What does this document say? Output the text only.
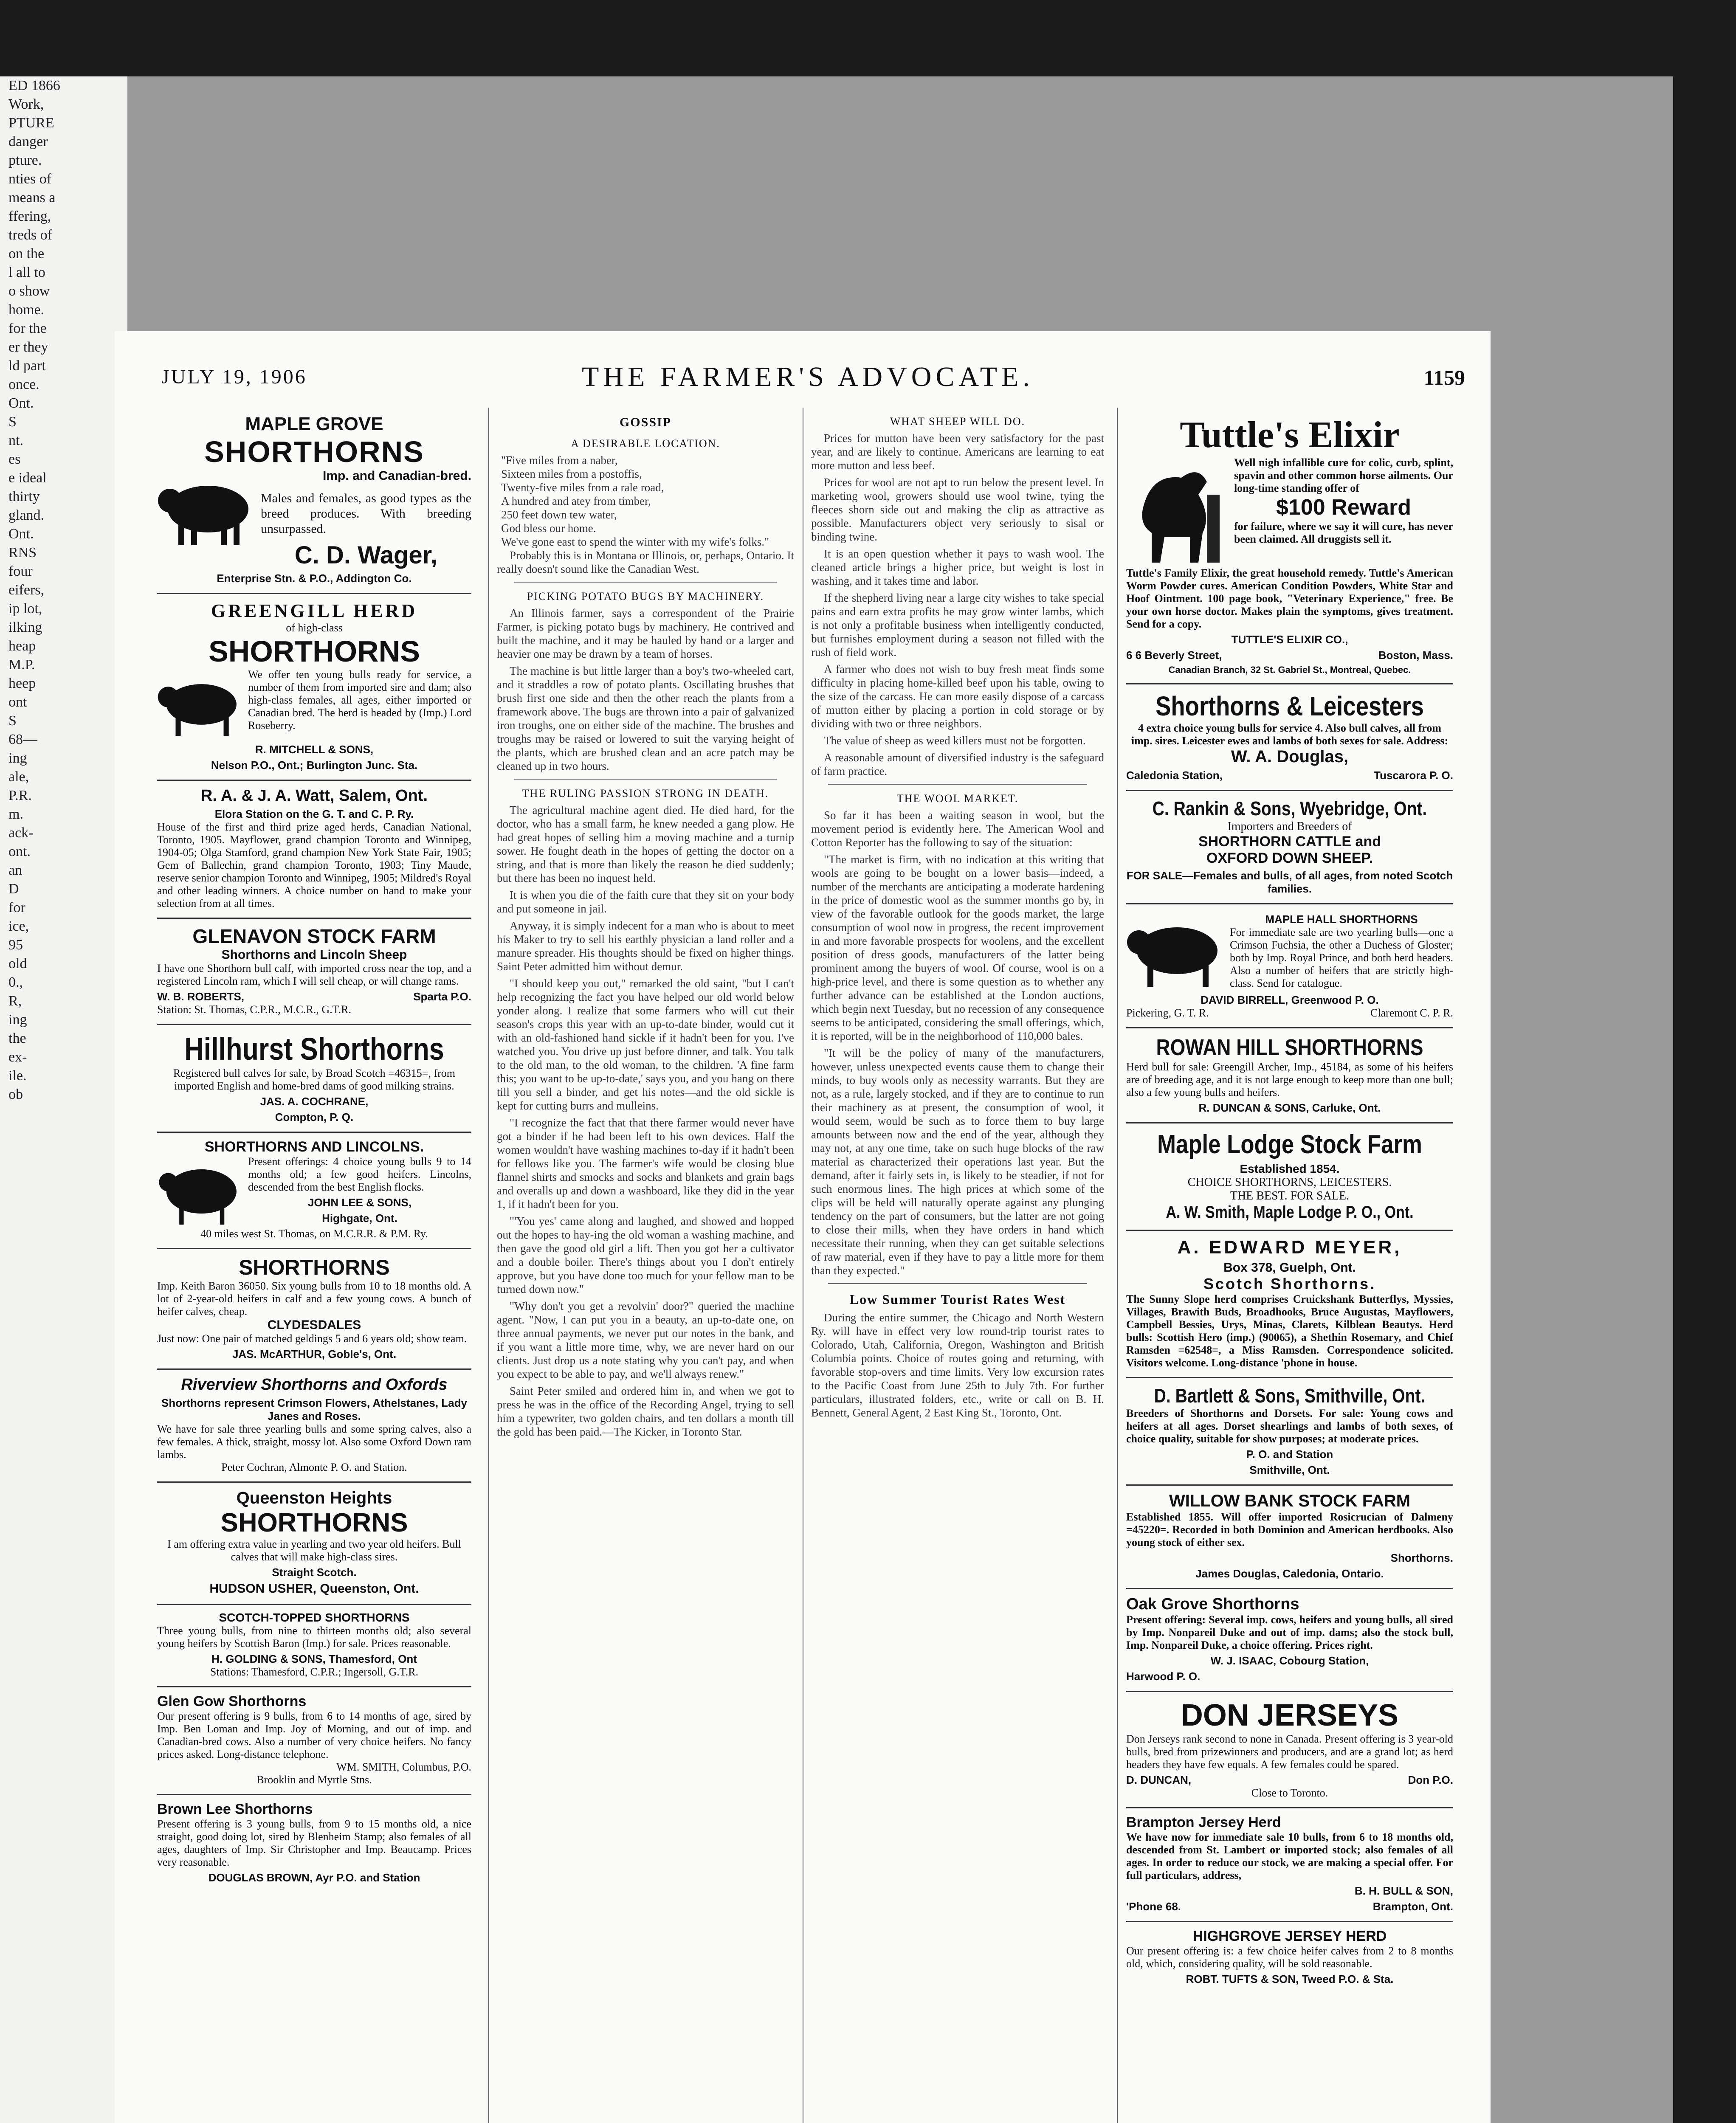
ED 1866
Work,
PTURE
danger
pture.
nties of
means a
ffering,
treds of
on the
l all to
o show
home.
for the
er they
ld part
once.
Ont.
S
nt.
es
e ideal
thirty
gland.
Ont.
RNS
four
eifers,
ip lot,
ilking
heap
M.P.
heep
ont
S
68—
ing
ale,
P.R.
m.
ack-
ont.
an
D
for
ice,
95
old
0.,
R,
ing
the
ex-
ile.
ob
JULY 19, 1906	THE FARMER'S ADVOCATE.	1159
MAPLE GROVE
SHORTHORNS
Imp. and Canadian-bred.
Males and females, as good types as the breed produces. With breeding unsurpassed.
C. D. Wager,
Enterprise Stn. & P.O., Addington Co.
GREENGILL HERD
of high-class
SHORTHORNS
We offer ten young bulls ready for service, a number of them from imported sire and dam; also high-class females, all ages, either imported or Canadian bred. The herd is headed by (Imp.) Lord Roseberry.
R. MITCHELL & SONS,
Nelson P.O., Ont.; Burlington Junc. Sta.
R. A. & J. A. Watt, Salem, Ont.
Elora Station on the G. T. and C. P. Ry.
House of the first and third prize aged herds, Canadian National, Toronto, 1905. Mayflower, grand champion Toronto and Winnipeg, 1904-05; Olga Stamford, grand champion New York State Fair, 1905; Gem of Ballechin, grand champion Toronto, 1903; Tiny Maude, reserve senior champion Toronto and Winnipeg, 1905; Mildred's Royal and other leading winners. A choice number on hand to make your selection from at all times.
GLENAVON STOCK FARM
Shorthorns and Lincoln Sheep
I have one Shorthorn bull calf, with imported cross near the top, and a registered Lincoln ram, which I will sell cheap, or will change rams.
W. B. ROBERTS,	Sparta P.O.
Station: St. Thomas, C.P.R., M.C.R., G.T.R.
Hillhurst Shorthorns
Registered bull calves for sale, by Broad Scotch =46315=, from imported English and home-bred dams of good milking strains.
JAS. A. COCHRANE,
Compton, P. Q.
SHORTHORNS AND LINCOLNS.
Present offerings: 4 choice young bulls 9 to 14 months old; a few good heifers. Lincolns, descended from the best English flocks.
JOHN LEE & SONS,
Highgate, Ont.
40 miles west St. Thomas, on M.C.R.R. & P.M. Ry.
SHORTHORNS
Imp. Keith Baron 36050. Six young bulls from 10 to 18 months old. A lot of 2-year-old heifers in calf and a few young cows. A bunch of heifer calves, cheap.
CLYDESDALES
Just now: One pair of matched geldings 5 and 6 years old; show team.
JAS. McARTHUR, Goble's, Ont.
Riverview Shorthorns and Oxfords
Shorthorns represent Crimson Flowers, Athelstanes, Lady Janes and Roses.
We have for sale three yearling bulls and some spring calves, also a few females. A thick, straight, mossy lot. Also some Oxford Down ram lambs.
Peter Cochran, Almonte P. O. and Station.
Queenston Heights
SHORTHORNS
I am offering extra value in yearling and two year old heifers. Bull calves that will make high-class sires.
Straight Scotch.
HUDSON USHER, Queenston, Ont.
SCOTCH-TOPPED SHORTHORNS
Three young bulls, from nine to thirteen months old; also several young heifers by Scottish Baron (Imp.) for sale. Prices reasonable.
H. GOLDING & SONS, Thamesford, Ont
Stations: Thamesford, C.P.R.; Ingersoll, G.T.R.
Glen Gow Shorthorns
Our present offering is 9 bulls, from 6 to 14 months of age, sired by Imp. Ben Loman and Imp. Joy of Morning, and out of imp. and Canadian-bred cows. Also a number of very choice heifers. No fancy prices asked. Long-distance telephone.
WM. SMITH, Columbus, P.O.
Brooklin and Myrtle Stns.
Brown Lee Shorthorns
Present offering is 3 young bulls, from 9 to 15 months old, a nice straight, good doing lot, sired by Blenheim Stamp; also females of all ages, daughters of Imp. Sir Christopher and Imp. Beaucamp. Prices very reasonable.
DOUGLAS BROWN, Ayr P.O. and Station
GOSSIP
A DESIRABLE LOCATION.
"Five miles from a naber,
Sixteen miles from a postoffis,
Twenty-five miles from a rale road,
A hundred and atey from timber,
250 feet down tew water,
God bless our home.
We've gone east to spend the winter with my wife's folks."

Probably this is in Montana or Illinois, or, perhaps, Ontario. It really doesn't sound like the Canadian West.

PICKING POTATO BUGS BY MACHINERY.

An Illinois farmer, says a correspondent of the Prairie Farmer, is picking potato bugs by machinery. He contrived and built the machine, and it may be hauled by hand or a larger and heavier one may be drawn by a team of horses.

The machine is but little larger than a boy's two-wheeled cart, and it straddles a row of potato plants. Oscillating brushes that brush first one side and then the other reach the plants from a framework above. The bugs are thrown into a pair of galvanized iron troughs, one on either side of the machine. The brushes and troughs may be raised or lowered to suit the varying height of the plants, which are brushed clean and an acre patch may be cleaned up in two hours.

THE RULING PASSION STRONG IN DEATH.

The agricultural machine agent died. He died hard, for the doctor, who has a small farm, he knew needed a gang plow. He had great hopes of selling him a moving machine and a turnip sower. He fought death in the hopes of getting the doctor on a string, and that is more than likely the reason he died suddenly; but there has been no inquest held.

It is when you die of the faith cure that they sit on your body and put someone in jail.

Anyway, it is simply indecent for a man who is about to meet his Maker to try to sell his earthly physician a land roller and a manure spreader. His thoughts should be fixed on higher things. Saint Peter admitted him without demur.

"I should keep you out," remarked the old saint, "but I can't help recognizing the fact you have helped our old world below yonder along. I realize that some farmers who will cut their season's crops this year with an up-to-date binder, would cut it with an old-fashioned hand sickle if it hadn't been for you. I've watched you. You drive up just before dinner, and talk. You talk to the old man, to the old woman, to the children. 'A fine farm this; you want to be up-to-date,' says you, and you hang on there till you sell a binder, and get his notes—and the old sickle is kept for cutting burrs and mulleins.

"I recognize the fact that that there farmer would never have got a binder if he had been left to his own devices. Half the women wouldn't have washing machines to-day if it hadn't been for fellows like you. The farmer's wife would be closing blue flannel shirts and smocks and socks and blankets and grain bags and overalls up and down a washboard, like they did in the year 1, if it hadn't been for you.

"'You yes' came along and laughed, and showed and hopped out the hopes to hay-ing the old woman a washing machine, and then gave the good old girl a lift. Then you got her a cultivator and a double boiler. There's things about you I don't entirely approve, but you have done too much for your fellow man to be turned down now."

"Why don't you get a revolvin' door?" queried the machine agent. "Now, I can put you in a beauty, an up-to-date one, on three annual payments, we never put our notes in the bank, and if you want a little more time, why, we are never hard on our clients. Just drop us a note stating why you can't pay, and when you expect to be able to pay, and we'll always renew."

Saint Peter smiled and ordered him in, and when we got to press he was in the office of the Recording Angel, trying to sell him a typewriter, two golden chairs, and ten dollars a month till the gold has been paid.—The Kicker, in Toronto Star.

WHAT SHEEP WILL DO.

Prices for mutton have been very satisfactory for the past year, and are likely to continue. Americans are learning to eat more mutton and less beef.

Prices for wool are not apt to run below the present level. In marketing wool, growers should use wool twine, tying the fleeces shorn side out and making the clip as attractive as possible. Manufacturers object very seriously to sisal or binding twine.

It is an open question whether it pays to wash wool. The cleaned article brings a higher price, but weight is lost in washing, and it takes time and labor.

If the shepherd living near a large city wishes to take special pains and earn extra profits he may grow winter lambs, which is not only a profitable business when intelligently conducted, but furnishes employment during a season not filled with the rush of field work.

A farmer who does not wish to buy fresh meat finds some difficulty in placing home-killed beef upon his table, owing to the size of the carcass. He can more easily dispose of a carcass of mutton either by placing a portion in cold storage or by dividing with two or three neighbors.

The value of sheep as weed killers must not be forgotten.

A reasonable amount of diversified industry is the safeguard of farm practice.

THE WOOL MARKET.

So far it has been a waiting season in wool, but the movement period is evidently here. The American Wool and Cotton Reporter has the following to say of the situation:

"The market is firm, with no indication at this writing that wools are going to be bought on a lower basis—indeed, a number of the merchants are anticipating a moderate hardening in the price of domestic wool as the summer months go by, in view of the favorable outlook for the goods market, the large consumption of wool now in progress, the recent improvement in and more favorable prospects for woolens, and the excellent position of dress goods, manufacturers of the latter being prominent among the buyers of wool. Of course, wool is on a high-price level, and there is some question as to whether any further advance can be established at the London auctions, which begin next Tuesday, but no recession of any consequence seems to be anticipated, considering the small offerings, which, it is reported, will be in the neighborhood of 110,000 bales.

"It will be the policy of many of the manufacturers, however, unless unexpected events cause them to change their minds, to buy wools only as necessity warrants. But they are not, as a rule, largely stocked, and if they are to continue to run their machinery as at present, the consumption of wool, it would seem, would be such as to force them to buy large amounts between now and the end of the year, although they may not, at any one time, take on such huge blocks of the raw material as characterized their operations last year. But the demand, after it fairly sets in, is likely to be steadier, if not for such enormous lines. The high prices at which some of the clips will be held will naturally operate against any plunging tendency on the part of consumers, but the latter are not going to close their mills, when they have orders in hand which necessitate their running, when they can get suitable selections of raw material, even if they have to pay a little more for them than they expected."

Low Summer Tourist Rates West

During the entire summer, the Chicago and North Western Ry. will have in effect very low round-trip tourist rates to Colorado, Utah, California, Oregon, Washington and British Columbia points. Choice of routes going and returning, with favorable stop-overs and time limits. Very low excursion rates to the Pacific Coast from June 25th to July 7th. For further particulars, illustrated folders, etc., write or call on B. H. Bennett, General Agent, 2 East King St., Toronto, Ont.

Tuttle's Elixir
Well nigh infallible cure for colic, curb, splint, spavin and other common horse ailments. Our long-time standing offer of
$100 Reward
for failure, where we say it will cure, has never been claimed. All druggists sell it.
Tuttle's Family Elixir, the great household remedy. Tuttle's American Worm Powder cures. American Condition Powders, White Star and Hoof Ointment. 100 page book, "Veterinary Experience," free. Be your own horse doctor. Makes plain the symptoms, gives treatment. Send for a copy.
TUTTLE'S ELIXIR CO.,
6 6 Beverly Street,	Boston, Mass.
Canadian Branch, 32 St. Gabriel St., Montreal, Quebec.
Shorthorns & Leicesters
4 extra choice young bulls for service 4. Also bull calves, all from imp. sires. Leicester ewes and lambs of both sexes for sale. Address:
W. A. Douglas,
Caledonia Station,	Tuscarora P. O.
C. Rankin & Sons, Wyebridge, Ont.
Importers and Breeders of
SHORTHORN CATTLE and
OXFORD DOWN SHEEP.
FOR SALE—Females and bulls, of all ages, from noted Scotch families.
MAPLE HALL SHORTHORNS
For immediate sale are two yearling bulls—one a Crimson Fuchsia, the other a Duchess of Gloster; both by Imp. Royal Prince, and both herd headers. Also a number of heifers that are strictly high-class. Send for catalogue.
DAVID BIRRELL, Greenwood P. O.
Pickering, G. T. R.	Claremont C. P. R.
ROWAN HILL SHORTHORNS
Herd bull for sale: Greengill Archer, Imp., 45184, as some of his heifers are of breeding age, and it is not large enough to keep more than one bull; also a few young bulls and heifers.
R. DUNCAN & SONS, Carluke, Ont.
Maple Lodge Stock Farm
Established 1854.
CHOICE SHORTHORNS, LEICESTERS.
THE BEST. FOR SALE.
A. W. Smith, Maple Lodge P. O., Ont.
A. EDWARD MEYER,
Box 378, Guelph, Ont.
Scotch Shorthorns.
The Sunny Slope herd comprises Cruickshank Butterflys, Myssies, Villages, Brawith Buds, Broadhooks, Bruce Augustas, Mayflowers, Campbell Bessies, Urys, Minas, Clarets, Kilblean Beautys. Herd bulls: Scottish Hero (imp.) (90065), a Shethin Rosemary, and Chief Ramsden =62548=, a Miss Ramsden. Correspondence solicited. Visitors welcome. Long-distance 'phone in house.
D. Bartlett & Sons, Smithville, Ont.
Breeders of Shorthorns and Dorsets. For sale: Young cows and heifers at all ages. Dorset shearlings and lambs of both sexes, of choice quality, suitable for show purposes; at moderate prices.
P. O. and Station
Smithville, Ont.
WILLOW BANK STOCK FARM
Established 1855. Will offer imported Rosicrucian of Dalmeny =45220=. Recorded in both Dominion and American herdbooks. Also young stock of either sex.
Shorthorns.
James Douglas, Caledonia, Ontario.
Oak Grove Shorthorns
Present offering: Several imp. cows, heifers and young bulls, all sired by Imp. Nonpareil Duke and out of imp. dams; also the stock bull, Imp. Nonpareil Duke, a choice offering. Prices right.
W. J. ISAAC, Cobourg Station,
Harwood P. O.
DON JERSEYS
Don Jerseys rank second to none in Canada. Present offering is 3 year-old bulls, bred from prizewinners and producers, and are a grand lot; as herd headers they have few equals. A few females could be spared.
D. DUNCAN,	Don P.O.
Close to Toronto.
Brampton Jersey Herd
We have now for immediate sale 10 bulls, from 6 to 18 months old, descended from St. Lambert or imported stock; also females of all ages. In order to reduce our stock, we are making a special offer. For full particulars, address,
B. H. BULL & SON,
'Phone 68.	Brampton, Ont.
HIGHGROVE JERSEY HERD
Our present offering is: a few choice heifer calves from 2 to 8 months old, which, considering quality, will be sold reasonable.
ROBT. TUFTS & SON, Tweed P.O. & Sta.
